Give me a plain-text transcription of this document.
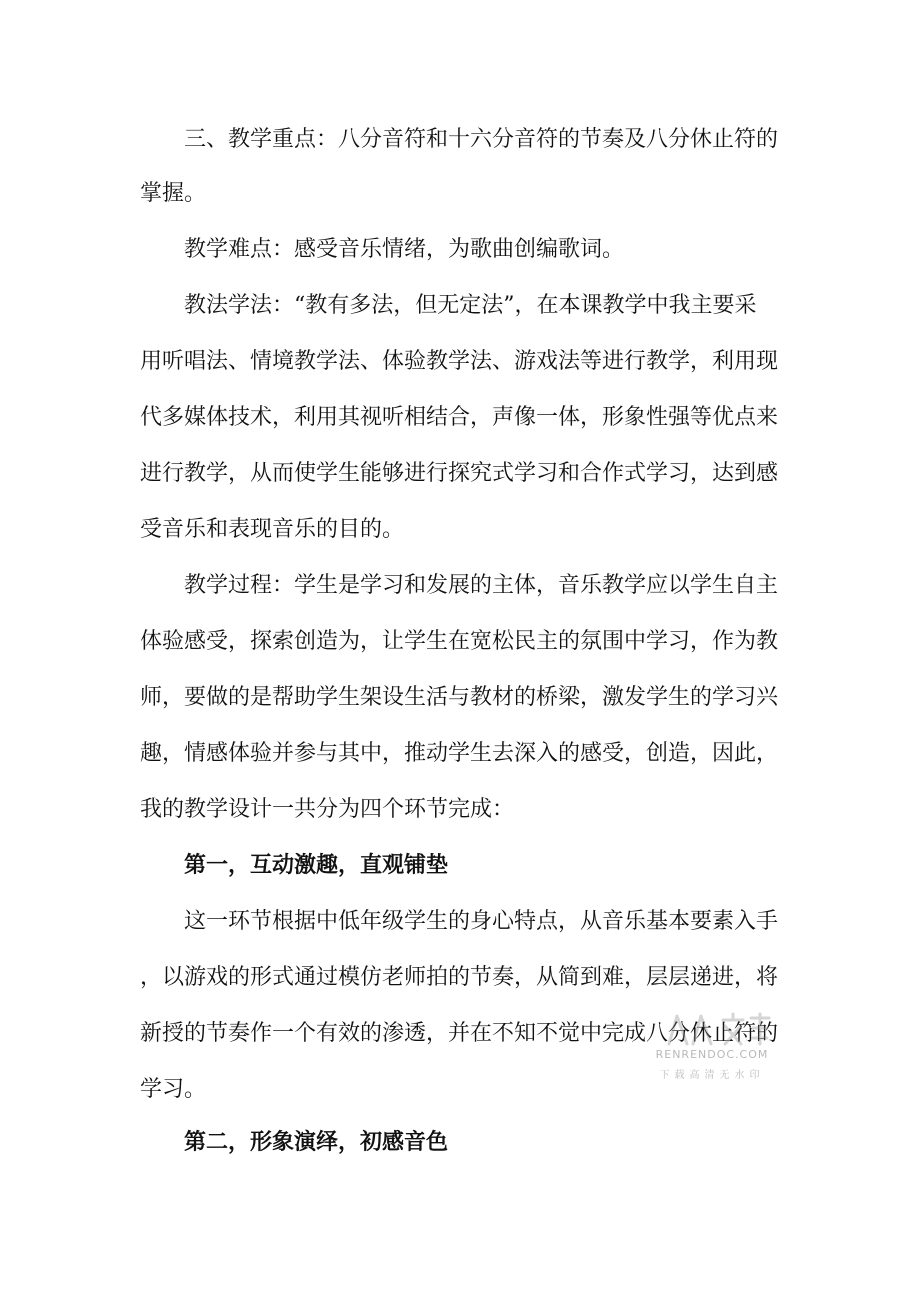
三、教学重点：八分音符和十六分音符的节奏及八分休止符的
掌握。
教学难点：感受音乐情绪，为歌曲创编歌词。
教法学法：“教有多法，但无定法”，在本课教学中我主要采
用听唱法、情境教学法、体验教学法、游戏法等进行教学，利用现
代多媒体技术，利用其视听相结合，声像一体，形象性强等优点来
进行教学，从而使学生能够进行探究式学习和合作式学习，达到感
受音乐和表现音乐的目的。
教学过程：学生是学习和发展的主体，音乐教学应以学生自主
体验感受，探索创造为，让学生在宽松民主的氛围中学习，作为教
师，要做的是帮助学生架设生活与教材的桥梁，激发学生的学习兴
趣，情感体验并参与其中，推动学生去深入的感受，创造，因此，
我的教学设计一共分为四个环节完成：
第一，互动激趣，直观铺垫
这一环节根据中低年级学生的身心特点，从音乐基本要素入手
，以游戏的形式通过模仿老师拍的节奏，从简到难，层层递进，将
新授的节奏作一个有效的渗透，并在不知不觉中完成八分休止符的
学习。
第二，形象演绎，初感音色
RENRENDOC.COM
下载高清无水印
